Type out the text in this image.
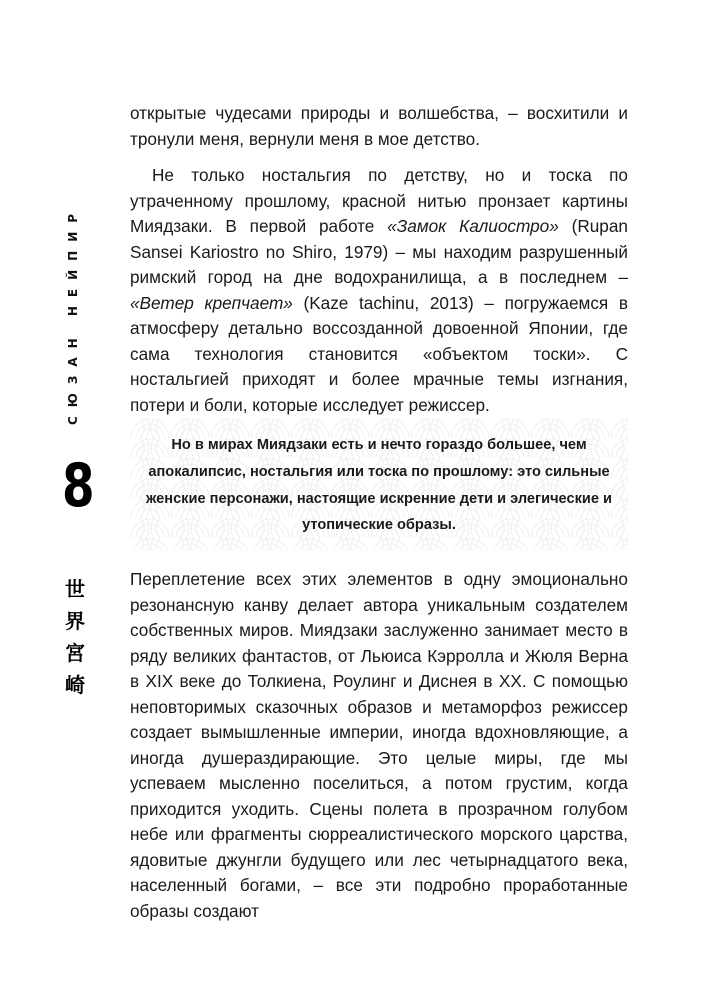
СЮЗАН НЕЙПИР
8
世
界
宮
崎

открытые чудесами природы и волшебства, – восхитили и тронули меня, вернули меня в мое детство.

Не только ностальгия по детству, но и тоска по утраченному прошлому, красной нитью пронзает картины Миядзаки. В первой работе «Замок Калиостро» (Rupan Sansei Kariostro no Shiro, 1979) – мы находим разрушенный римский город на дне водохранилища, а в последнем – «Ветер крепчает» (Kaze tachinu, 2013) – погружаемся в атмосферу детально воссозданной довоенной Японии, где сама технология становится «объектом тоски». С ностальгией приходят и более мрачные темы изгнания, потери и боли, которые исследует режиссер.

Но в мирах Миядзаки есть и нечто гораздо большее, чем апокалипсис, ностальгия или тоска по прошлому: это сильные женские персонажи, настоящие искренние дети и элегические и утопические образы.

Переплетение всех этих элементов в одну эмоционально резонансную канву делает автора уникальным создателем собственных миров. Миядзаки заслуженно занимает место в ряду великих фантастов, от Льюиса Кэрролла и Жюля Верна в XIX веке до Толкиена, Роулинг и Диснея в XX. С помощью неповторимых сказочных образов и метаморфоз режиссер создает вымышленные империи, иногда вдохновляющие, а иногда душераздирающие. Это целые миры, где мы успеваем мысленно поселиться, а потом грустим, когда приходится уходить. Сцены полета в прозрачном голубом небе или фрагменты сюрреалистического морского царства, ядовитые джунгли будущего или лес четырнадцатого века, населенный богами, – все эти подробно проработанные образы создают
